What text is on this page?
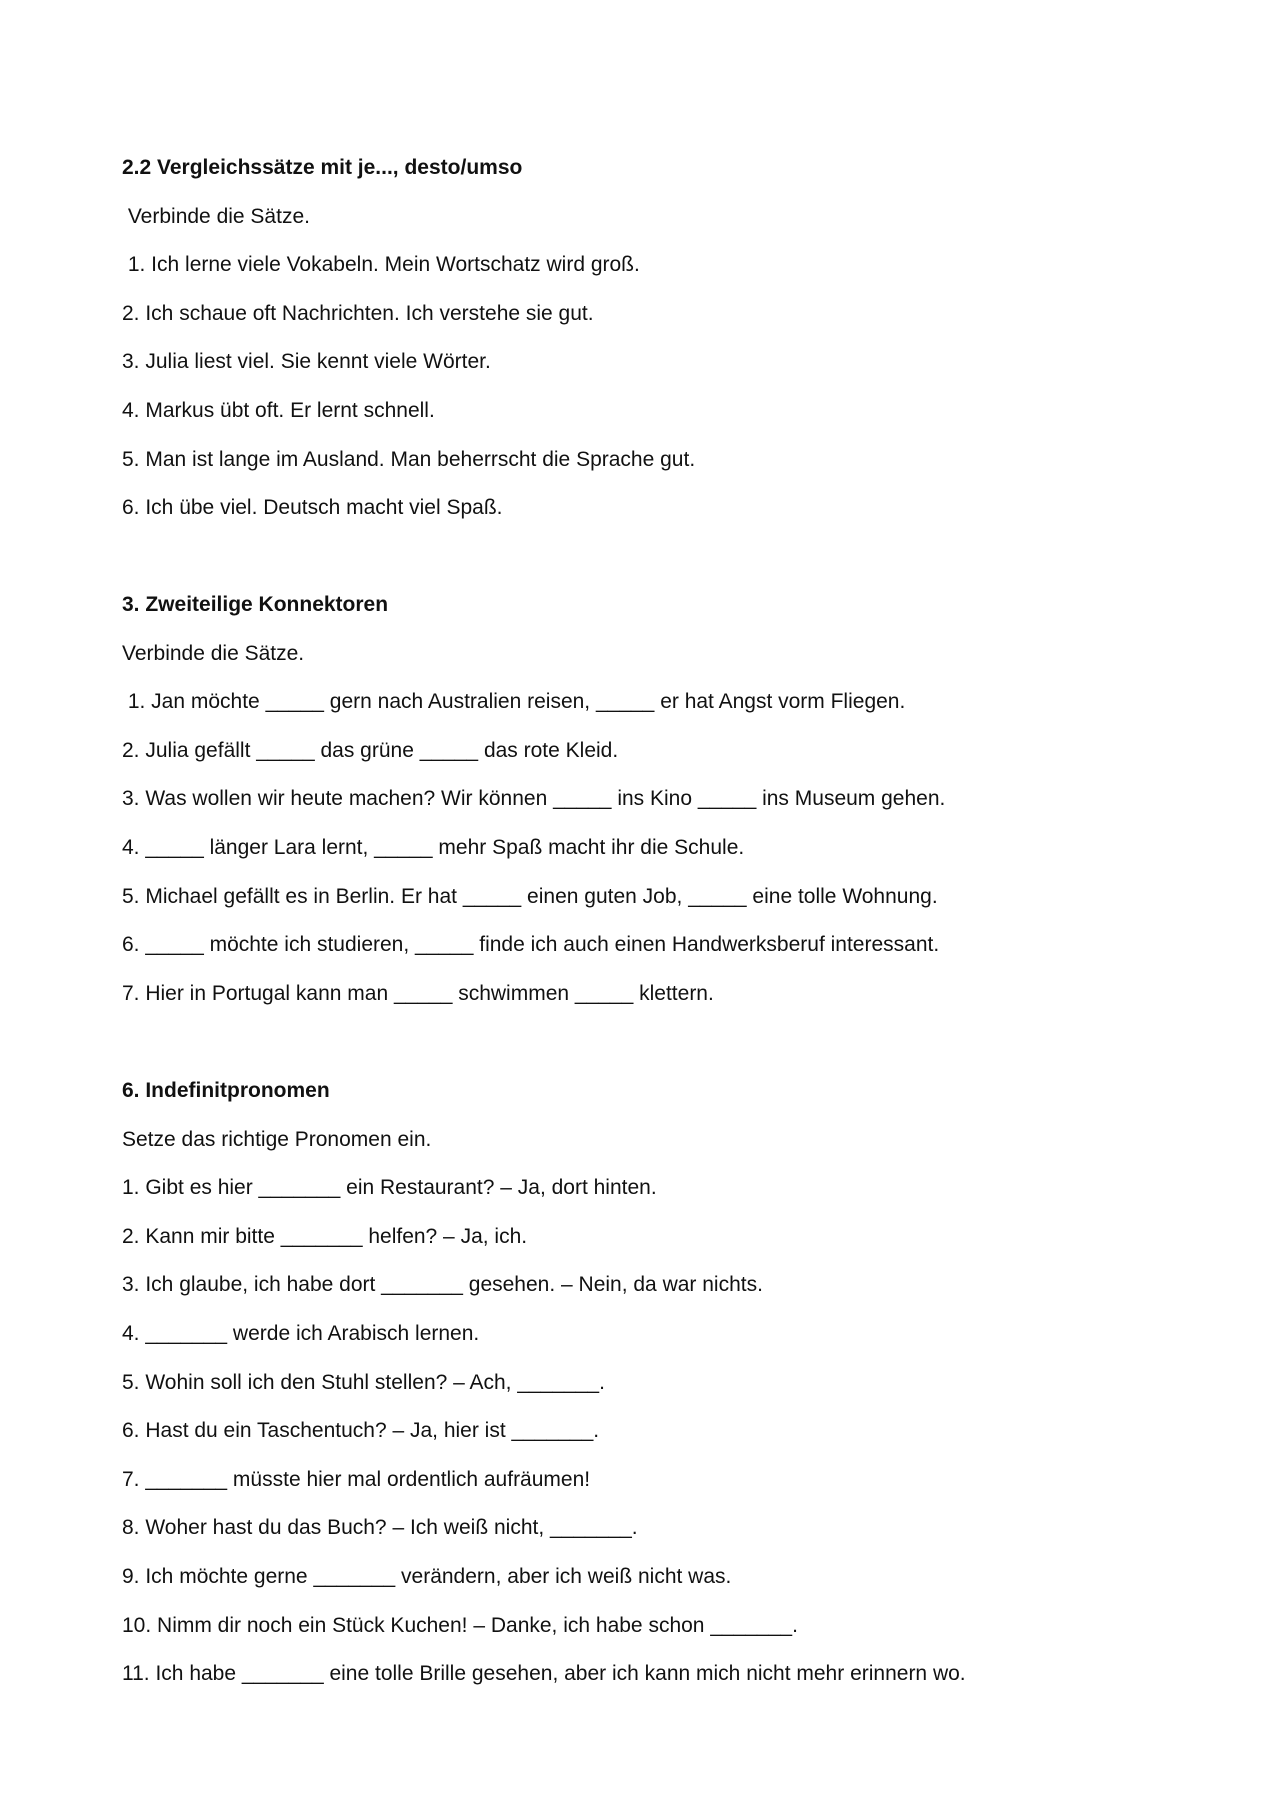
2.2 Vergleichssätze mit je..., desto/umso

Verbinde die Sätze.

1. Ich lerne viele Vokabeln. Mein Wortschatz wird groß.

2. Ich schaue oft Nachrichten. Ich verstehe sie gut.

3. Julia liest viel. Sie kennt viele Wörter.

4. Markus übt oft. Er lernt schnell.

5. Man ist lange im Ausland. Man beherrscht die Sprache gut.

6. Ich übe viel. Deutsch macht viel Spaß.

3. Zweiteilige Konnektoren

Verbinde die Sätze.

1. Jan möchte _____ gern nach Australien reisen, _____ er hat Angst vorm Fliegen.

2. Julia gefällt _____ das grüne _____ das rote Kleid.

3. Was wollen wir heute machen? Wir können _____ ins Kino _____ ins Museum gehen.

4. _____ länger Lara lernt, _____ mehr Spaß macht ihr die Schule.

5. Michael gefällt es in Berlin. Er hat _____ einen guten Job, _____ eine tolle Wohnung.

6. _____ möchte ich studieren, _____ finde ich auch einen Handwerksberuf interessant.

7. Hier in Portugal kann man _____ schwimmen _____ klettern.

6. Indefinitpronomen

Setze das richtige Pronomen ein.

1. Gibt es hier _______ ein Restaurant? – Ja, dort hinten.

2. Kann mir bitte _______ helfen? – Ja, ich.

3. Ich glaube, ich habe dort _______ gesehen. – Nein, da war nichts.

4. _______ werde ich Arabisch lernen.

5. Wohin soll ich den Stuhl stellen? – Ach, _______.

6. Hast du ein Taschentuch? – Ja, hier ist _______.

7. _______ müsste hier mal ordentlich aufräumen!

8. Woher hast du das Buch? – Ich weiß nicht, _______.

9. Ich möchte gerne _______ verändern, aber ich weiß nicht was.

10. Nimm dir noch ein Stück Kuchen! – Danke, ich habe schon _______.

11. Ich habe _______ eine tolle Brille gesehen, aber ich kann mich nicht mehr erinnern wo.
